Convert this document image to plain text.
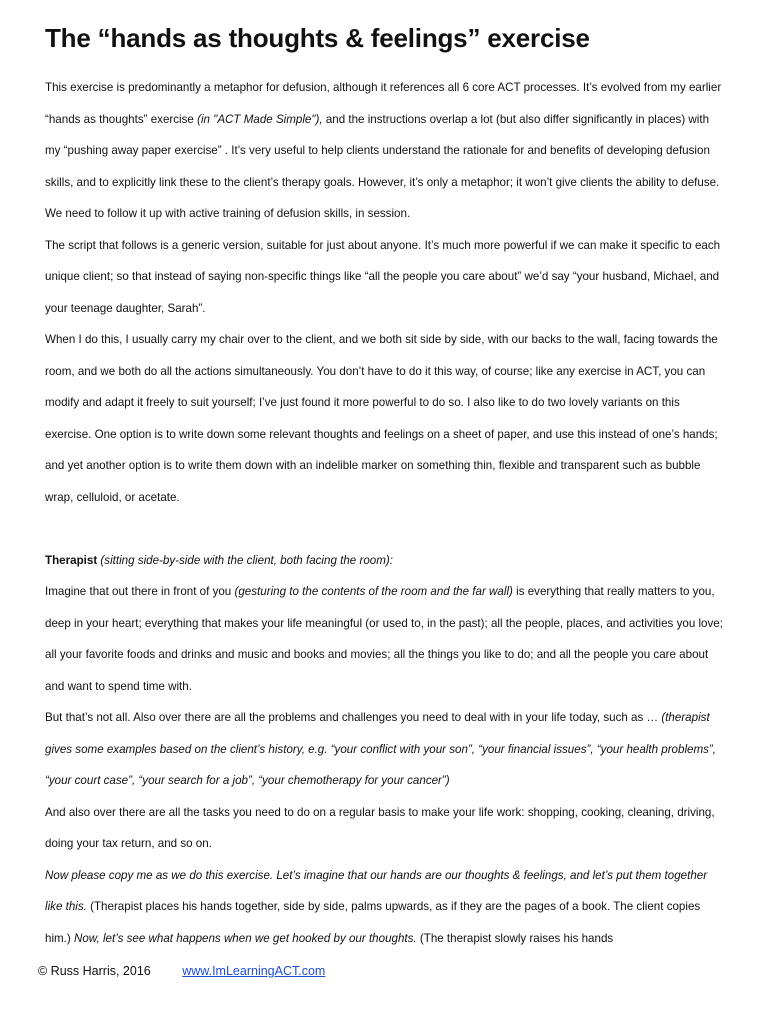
The “hands as thoughts & feelings” exercise

This exercise is predominantly a metaphor for defusion, although it references all 6 core ACT processes. It’s evolved from my earlier “hands as thoughts” exercise (in "ACT Made Simple"), and the instructions overlap a lot (but also differ significantly in places) with my “pushing away paper exercise” . It’s very useful to help clients understand the rationale for and benefits of developing defusion skills, and to explicitly link these to the client’s therapy goals. However, it’s only a metaphor; it won’t give clients the ability to defuse. We need to follow it up with active training of defusion skills, in session.

The script that follows is a generic version, suitable for just about anyone. It’s much more powerful if we can make it specific to each unique client; so that instead of saying non-specific things like “all the people you care about” we’d say “your husband, Michael, and your teenage daughter, Sarah”.

When I do this, I usually carry my chair over to the client, and we both sit side by side, with our backs to the wall, facing towards the room, and we both do all the actions simultaneously. You don’t have to do it this way, of course; like any exercise in ACT, you can modify and adapt it freely to suit yourself; I’ve just found it more powerful to do so. I also like to do two lovely variants on this exercise. One option is to write down some relevant thoughts and feelings on a sheet of paper, and use this instead of one’s hands; and yet another option is to write them down with an indelible marker on something thin, flexible and transparent such as bubble wrap, celluloid, or acetate.

Therapist (sitting side-by-side with the client, both facing the room):

Imagine that out there in front of you (gesturing to the contents of the room and the far wall) is everything that really matters to you, deep in your heart; everything that makes your life meaningful (or used to, in the past); all the people, places, and activities you love; all your favorite foods and drinks and music and books and movies; all the things you like to do; and all the people you care about and want to spend time with.

But that’s not all. Also over there are all the problems and challenges you need to deal with in your life today, such as … (therapist gives some examples based on the client’s history, e.g. “your conflict with your son”, “your financial issues”, “your health problems”, “your court case”, “your search for a job”, “your chemotherapy for your cancer”)

And also over there are all the tasks you need to do on a regular basis to make your life work: shopping, cooking, cleaning, driving, doing your tax return, and so on.

Now please copy me as we do this exercise. Let’s imagine that our hands are our thoughts & feelings, and let’s put them together like this. (Therapist places his hands together, side by side, palms upwards, as if they are the pages of a book. The client copies him.) Now, let’s see what happens when we get hooked by our thoughts. (The therapist slowly raises his hands

© Russ Harris, 2016	www.ImLearningACT.com
